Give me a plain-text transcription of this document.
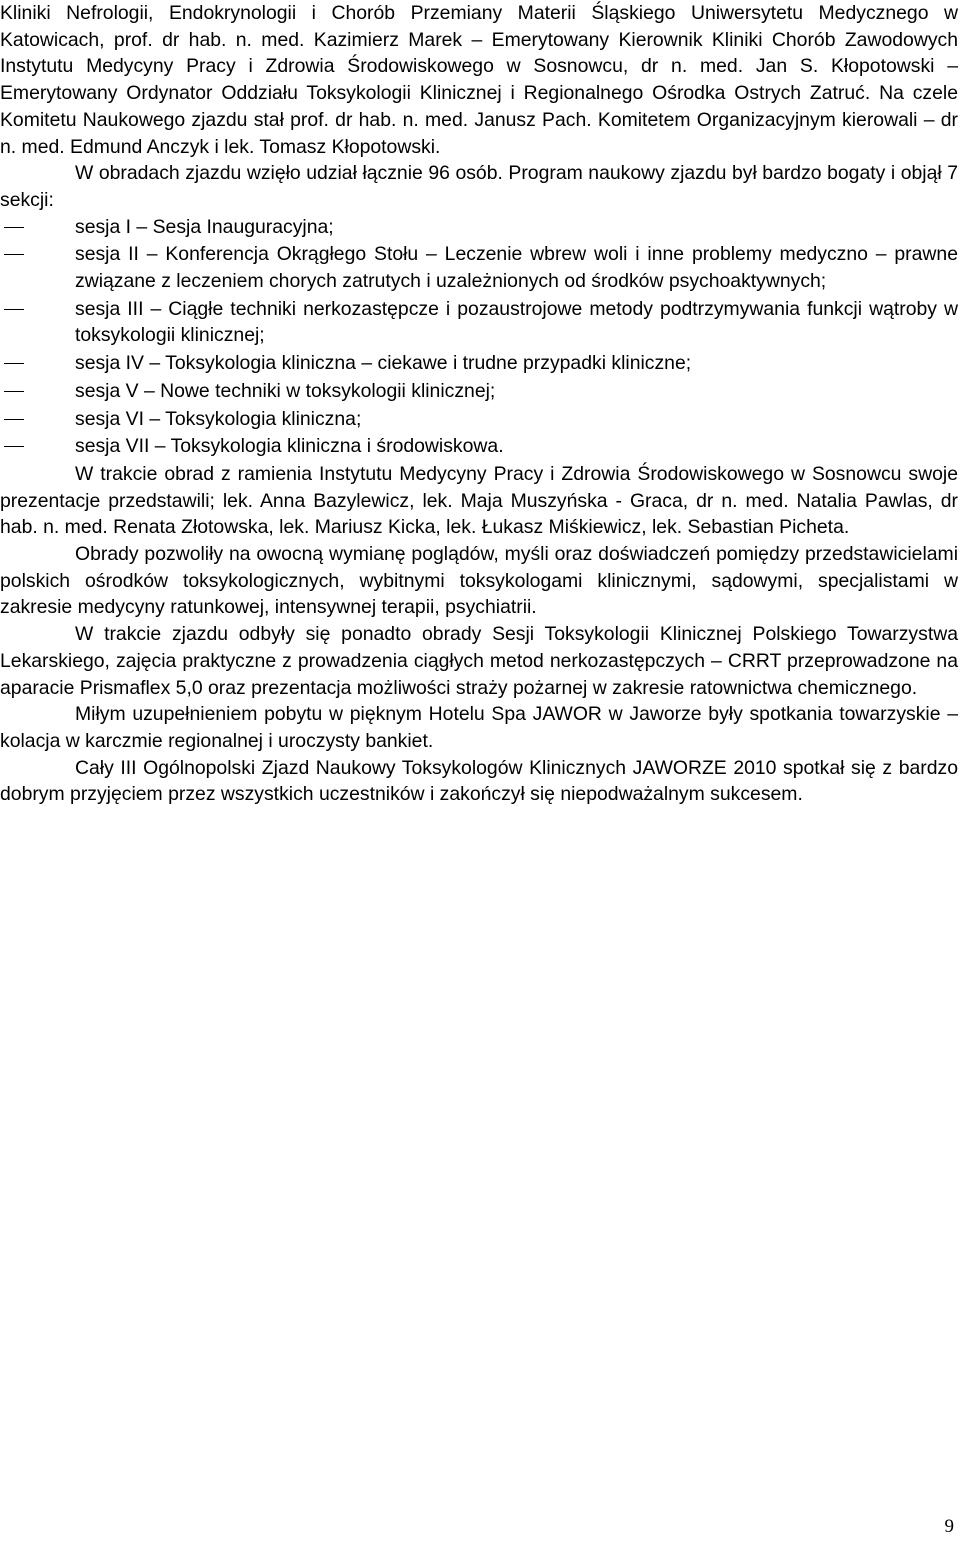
Kliniki Nefrologii, Endokrynologii i Chorób Przemiany Materii Śląskiego Uniwersytetu Medycznego w Katowicach, prof. dr hab. n. med. Kazimierz Marek – Emerytowany Kierownik Kliniki Chorób Zawodowych Instytutu Medycyny Pracy i Zdrowia Środowiskowego w Sosnowcu, dr n. med. Jan S. Kłopotowski – Emerytowany Ordynator Oddziału Toksykologii Klinicznej i Regionalnego Ośrodka Ostrych Zatruć. Na czele Komitetu Naukowego zjazdu stał prof. dr hab. n. med. Janusz Pach. Komitetem Organizacyjnym kierowali – dr n. med. Edmund Anczyk i lek. Tomasz Kłopotowski.

W obradach zjazdu wzięło udział łącznie 96 osób. Program naukowy zjazdu był bardzo bogaty i objął 7 sekcji:

sesja I – Sesja Inauguracyjna;
sesja II – Konferencja Okrągłego Stołu – Leczenie wbrew woli i inne problemy medyczno – prawne związane z leczeniem chorych zatrutych i uzależnionych od środków psychoaktywnych;
sesja III – Ciągłe techniki nerkozastępcze i pozaustrojowe metody podtrzymywania funkcji wątroby w toksykologii klinicznej;
sesja IV – Toksykologia kliniczna – ciekawe i trudne przypadki kliniczne;
sesja V – Nowe techniki w toksykologii klinicznej;
sesja VI – Toksykologia kliniczna;
sesja VII – Toksykologia kliniczna i środowiskowa.

W trakcie obrad z ramienia Instytutu Medycyny Pracy i Zdrowia Środowiskowego w Sosnowcu swoje prezentacje przedstawili; lek. Anna Bazylewicz, lek. Maja Muszyńska - Graca, dr n. med. Natalia Pawlas, dr hab. n. med. Renata Złotowska, lek. Mariusz Kicka, lek. Łukasz Miśkiewicz, lek. Sebastian Picheta.

Obrady pozwoliły na owocną wymianę poglądów, myśli oraz doświadczeń pomiędzy przedstawicielami polskich ośrodków toksykologicznych, wybitnymi toksykologami klinicznymi, sądowymi, specjalistami w zakresie medycyny ratunkowej, intensywnej terapii, psychiatrii.

W trakcie zjazdu odbyły się ponadto obrady Sesji Toksykologii Klinicznej Polskiego Towarzystwa Lekarskiego, zajęcia praktyczne z prowadzenia ciągłych metod nerkozastępczych – CRRT przeprowadzone na aparacie Prismaflex 5,0 oraz prezentacja możliwości straży pożarnej w zakresie ratownictwa chemicznego.

Miłym uzupełnieniem pobytu w pięknym Hotelu Spa JAWOR w Jaworze były spotkania towarzyskie – kolacja w karczmie regionalnej i uroczysty bankiet.

Cały III Ogólnopolski Zjazd Naukowy Toksykologów Klinicznych JAWORZE 2010 spotkał się z bardzo dobrym przyjęciem przez wszystkich uczestników i zakończył się niepodważalnym sukcesem.

9
